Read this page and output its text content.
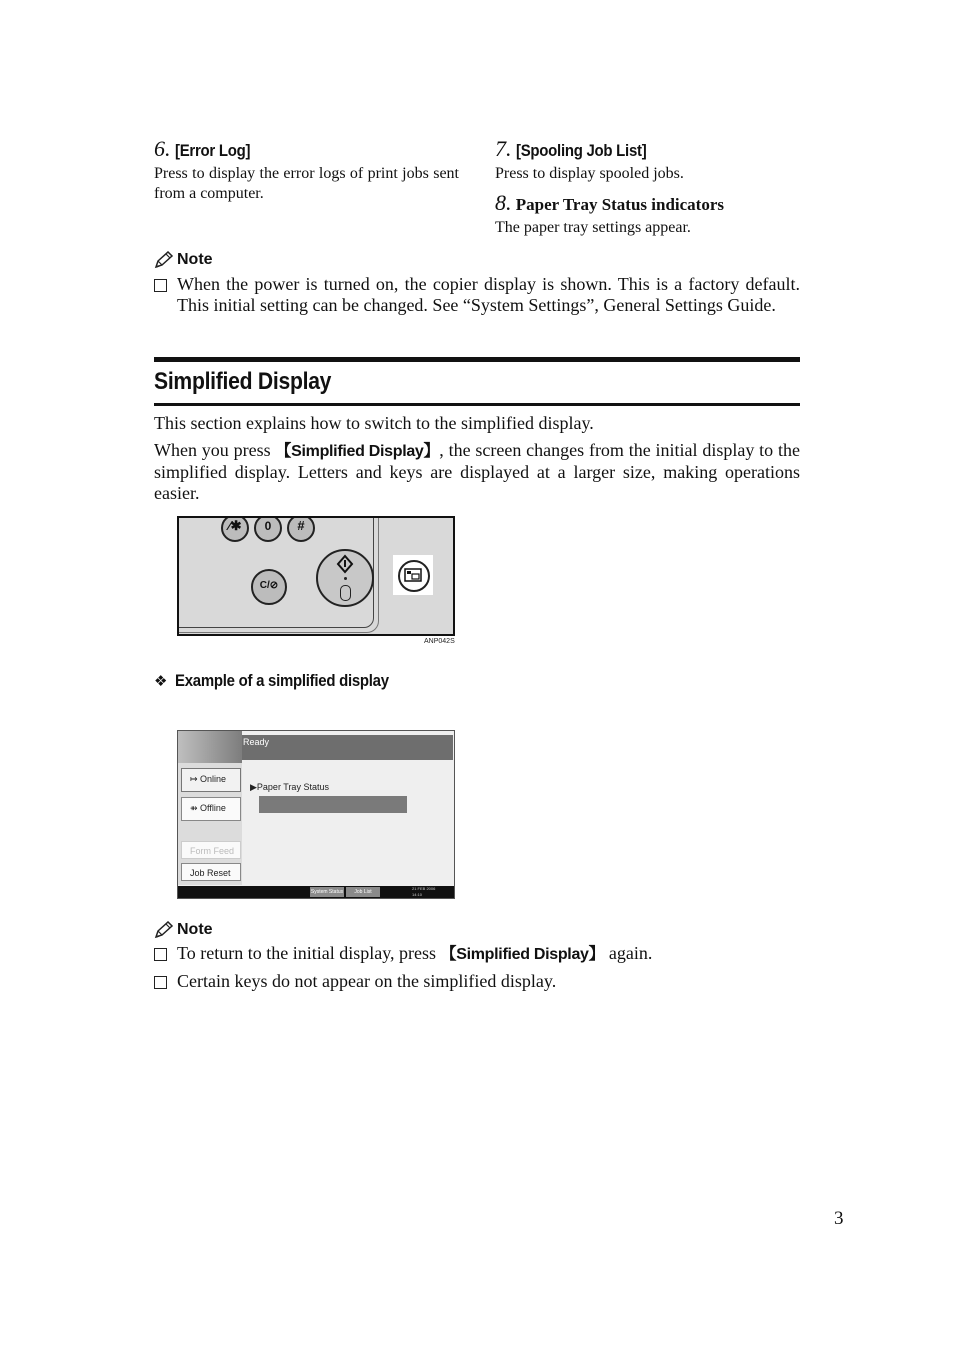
6. [Error Log]
Press to display the error logs of print jobs sent from a computer.
7. [Spooling Job List]
Press to display spooled jobs.
8. Paper Tray Status indicators
The paper tray settings appear.
Note
When the power is turned on, the copier display is shown. This is a factory default. This initial setting can be changed. See “System Settings”, General Settings Guide.
Simplified Display
This section explains how to switch to the simplified display.
When you press 【Simplified Display】, the screen changes from the initial display to the simplified display. Letters and keys are displayed at a larger size, making operations easier.
⁄✱	0	#
C/⊘
ANP042S
❖ Example of a simplified display
Ready
↦ Online
⇻ Offline
Form Feed
Job Reset
▶Paper Tray Status
System Status	Job List
21 FEB 2006
14:10
Note
To return to the initial display, press 【Simplified Display】 again.
Certain keys do not appear on the simplified display.
3
